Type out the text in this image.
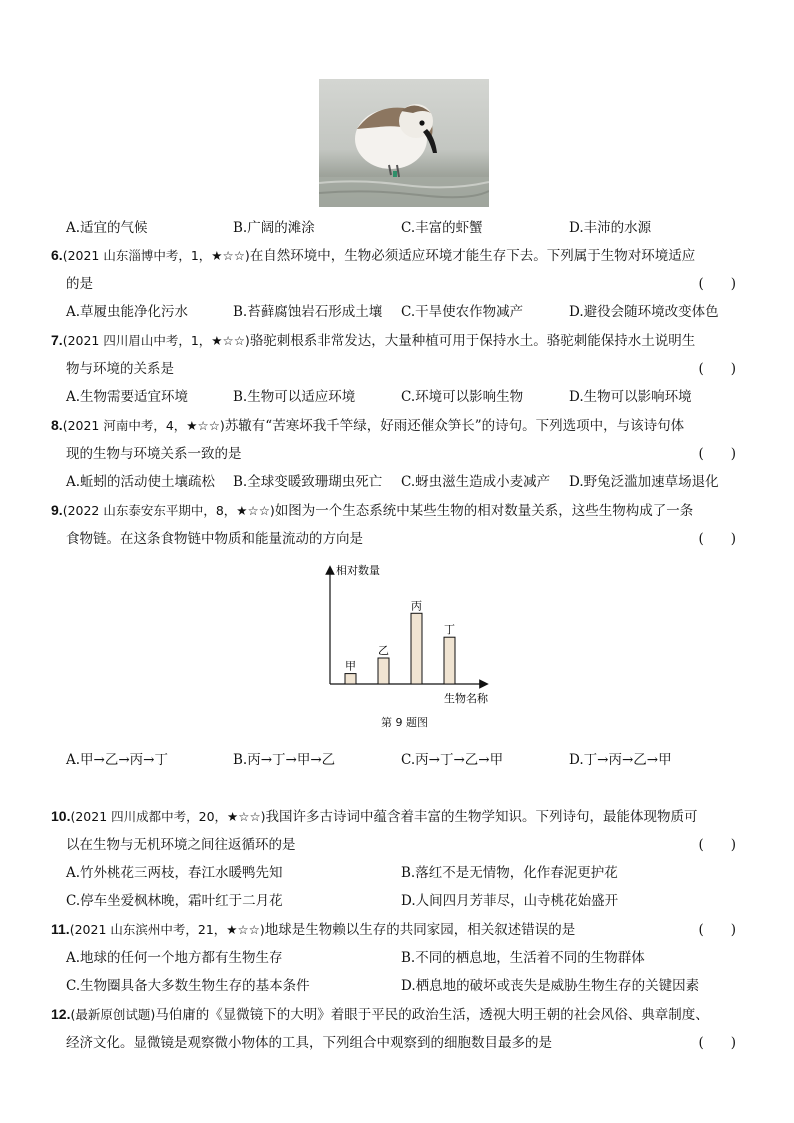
A.适宜的气候	B.广阔的滩涂	C.丰富的虾蟹	D.丰沛的水源
6.(2021 山东淄博中考，1，★☆☆)在自然环境中，生物必须适应环境才能生存下去。下列属于生物对环境适应
的是	(　　)
A.草履虫能净化污水	B.苔藓腐蚀岩石形成土壤 C.干旱使农作物减产	D.避役会随环境改变体色
7.(2021 四川眉山中考，1，★☆☆)骆驼刺根系非常发达，大量种植可用于保持水土。骆驼刺能保持水土说明生
物与环境的关系是	(　　)
A.生物需要适宜环境	B.生物可以适应环境	C.环境可以影响生物	D.生物可以影响环境
8.(2021 河南中考，4，★☆☆)苏辙有“苦寒坏我千竿绿，好雨还催众笋长”的诗句。下列选项中，与该诗句体
现的生物与环境关系一致的是	(　　)
A.蚯蚓的活动使土壤疏松 B.全球变暖致珊瑚虫死亡 C.蚜虫滋生造成小麦减产 D.野兔泛滥加速草场退化
9.(2022 山东泰安东平期中，8，★☆☆)如图为一个生态系统中某些生物的相对数量关系，这些生物构成了一条
食物链。在这条食物链中物质和能量流动的方向是	(　　)
相对数量
生物名称
甲
乙
丙
丁
第 9 题图
A.甲→乙→丙→丁	B.丙→丁→甲→乙	C.丙→丁→乙→甲	D.丁→丙→乙→甲
10.(2021 四川成都中考，20，★☆☆)我国许多古诗词中蕴含着丰富的生物学知识。下列诗句，最能体现物质可
以在生物与无机环境之间往返循环的是	(　　)
A.竹外桃花三两枝，春江水暖鸭先知	B.落红不是无情物，化作春泥更护花
C.停车坐爱枫林晚，霜叶红于二月花	D.人间四月芳菲尽，山寺桃花始盛开
11.(2021 山东滨州中考，21，★☆☆)地球是生物赖以生存的共同家园，相关叙述错误的是	(　　)
A.地球的任何一个地方都有生物生存	B.不同的栖息地，生活着不同的生物群体
C.生物圈具备大多数生物生存的基本条件	D.栖息地的破坏或丧失是威胁生物生存的关键因素
12.(最新原创试题)马伯庸的《显微镜下的大明》着眼于平民的政治生活，透视大明王朝的社会风俗、典章制度、
经济文化。显微镜是观察微小物体的工具，下列组合中观察到的细胞数目最多的是	(　　)
